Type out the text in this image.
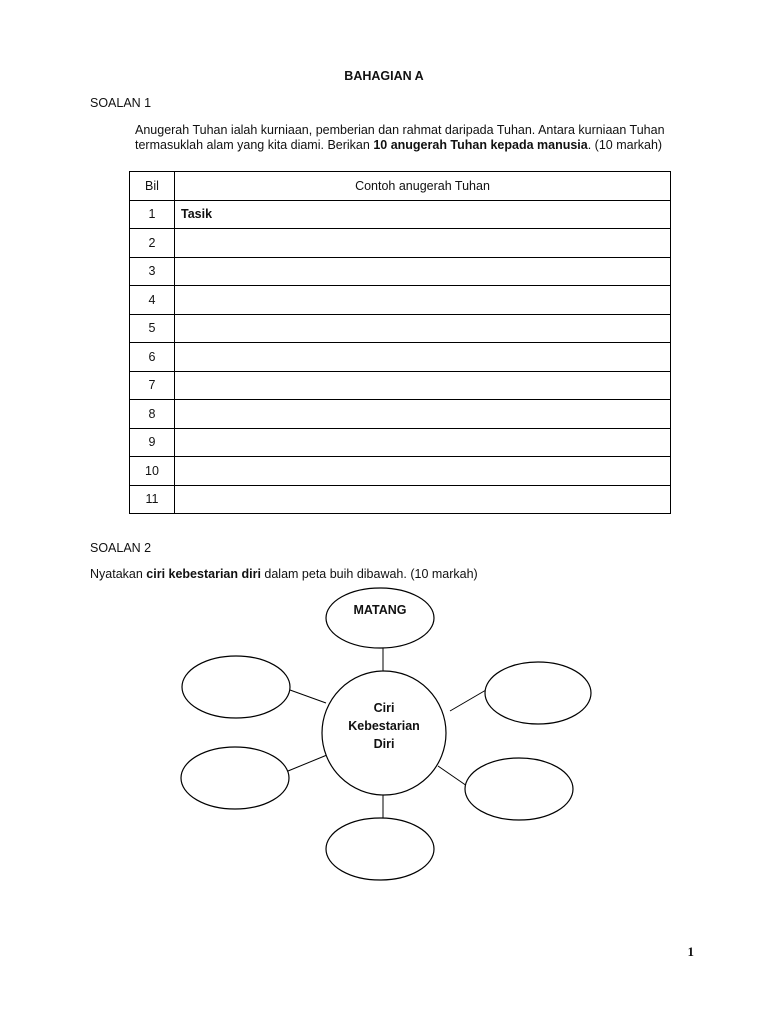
BAHAGIAN A
SOALAN 1
Anugerah Tuhan ialah kurniaan, pemberian dan rahmat daripada Tuhan. Antara kurniaan Tuhan termasuklah alam yang kita diami. Berikan 10 anugerah Tuhan kepada manusia. (10 markah)
Bil	Contoh anugerah Tuhan
1	Tasik
2	
3	
4	
5	
6	
7	
8	
9	
10	
11	
SOALAN 2
Nyatakan ciri kebestarian diri dalam peta buih dibawah. (10 markah)
MATANG
Ciri
Kebestarian
Diri
1
